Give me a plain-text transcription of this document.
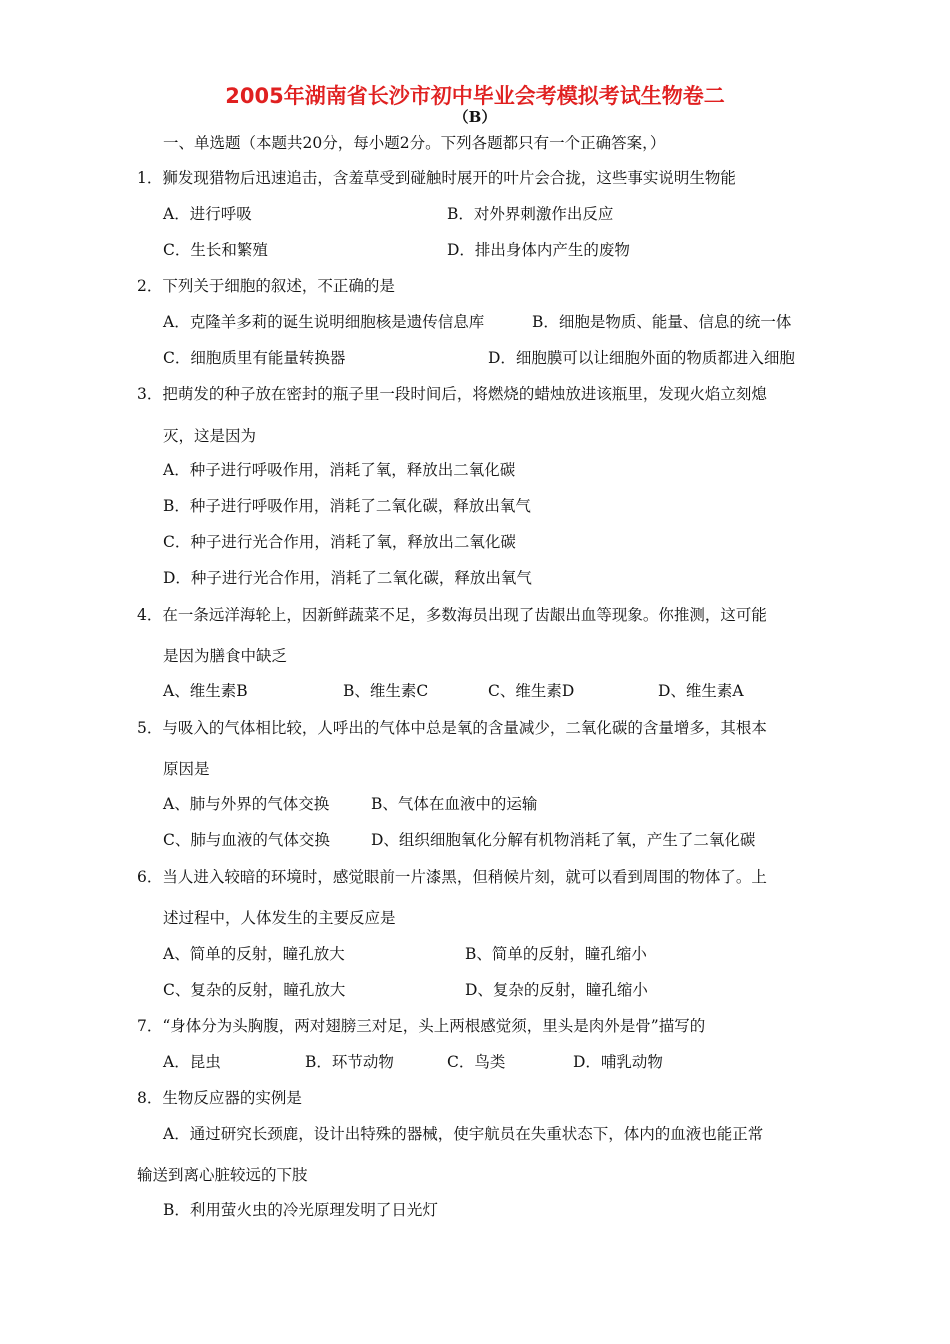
2005年湖南省长沙市初中毕业会考模拟考试生物卷二
（B）
一、单选题（本题共20分，每小题2分。下列各题都只有一个正确答案，）
1．狮发现猎物后迅速追击，含羞草受到碰触时展开的叶片会合拢，这些事实说明生物能
A．进行呼吸	B．对外界刺激作出反应
C．生长和繁殖	D．排出身体内产生的废物
2．下列关于细胞的叙述，不正确的是
A．克隆羊多莉的诞生说明细胞核是遗传信息库	B．细胞是物质、能量、信息的统一体
C．细胞质里有能量转换器	D．细胞膜可以让细胞外面的物质都进入细胞
3．把萌发的种子放在密封的瓶子里一段时间后，将燃烧的蜡烛放进该瓶里，发现火焰立刻熄
灭，这是因为
A．种子进行呼吸作用，消耗了氧，释放出二氧化碳
B．种子进行呼吸作用，消耗了二氧化碳，释放出氧气
C．种子进行光合作用，消耗了氧，释放出二氧化碳
D．种子进行光合作用，消耗了二氧化碳，释放出氧气
4．在一条远洋海轮上，因新鲜蔬菜不足，多数海员出现了齿龈出血等现象。你推测，这可能
是因为膳食中缺乏
A、维生素B	B、维生素C	C、维生素D	D、维生素A
5．与吸入的气体相比较，人呼出的气体中总是氧的含量减少，二氧化碳的含量增多，其根本
原因是
A、肺与外界的气体交换	B、气体在血液中的运输
C、肺与血液的气体交换	D、组织细胞氧化分解有机物消耗了氧，产生了二氧化碳
6．当人进入较暗的环境时，感觉眼前一片漆黑，但稍候片刻，就可以看到周围的物体了。上
述过程中，人体发生的主要反应是
A、简单的反射，瞳孔放大	B、简单的反射，瞳孔缩小
C、复杂的反射，瞳孔放大	D、复杂的反射，瞳孔缩小
7．“身体分为头胸腹，两对翅膀三对足，头上两根感觉须，里头是肉外是骨”描写的
A．昆虫	B．环节动物	C．鸟类	D．哺乳动物
8．生物反应器的实例是
A．通过研究长颈鹿，设计出特殊的器械，使宇航员在失重状态下，体内的血液也能正常
输送到离心脏较远的下肢
B．利用萤火虫的冷光原理发明了日光灯
